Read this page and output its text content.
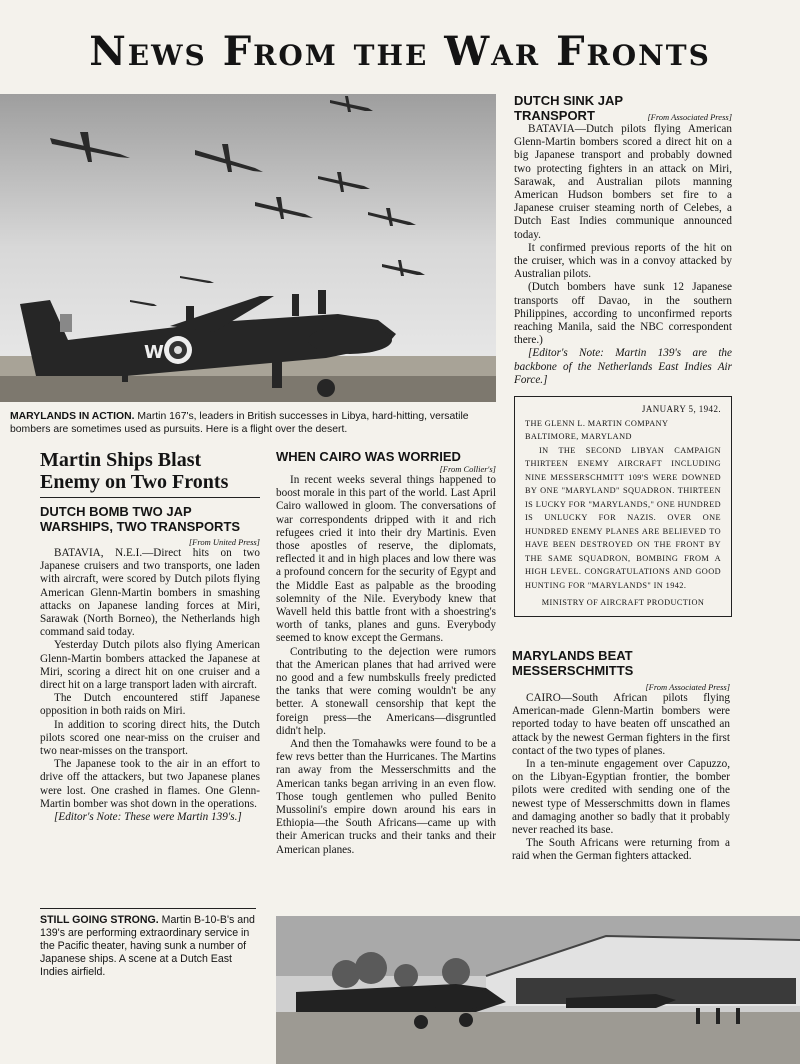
News From the War Fronts
W
MARYLANDS IN ACTION. Martin 167's, leaders in British successes in Libya, hard-hitting, versatile bombers are sometimes used as pursuits. Here is a flight over the desert.
DUTCH SINK JAP
TRANSPORT	[From Associated Press]

BATAVIA—Dutch pilots flying American Glenn-Martin bombers scored a direct hit on a big Japanese transport and probably downed two protecting fighters in an attack on Miri, Sarawak, and Australian pilots manning American Hudson bombers set fire to a Japanese cruiser steaming north of Celebes, a Dutch East Indies communique announced today.

It confirmed previous reports of the hit on the cruiser, which was in a convoy attacked by Australian pilots.

(Dutch bombers have sunk 12 Japanese transports off Davao, in the southern Philippines, according to unconfirmed reports reaching Manila, said the NBC correspondent there.)

[Editor's Note: Martin 139's are the backbone of the Netherlands East Indies Air Force.]

Martin Ships Blast Enemy on Two Fronts
DUTCH BOMB TWO JAP WARSHIPS, TWO TRANSPORTS
[From United Press]

BATAVIA, N.E.I.—Direct hits on two Japanese cruisers and two transports, one laden with aircraft, were scored by Dutch pilots flying American Glenn-Martin bombers in smashing attacks on Japanese landing forces at Miri, Sarawak (North Borneo), the Netherlands high command said today.

Yesterday Dutch pilots also flying American Glenn-Martin bombers attacked the Japanese at Miri, scoring a direct hit on one cruiser and a direct hit on a large transport laden with aircraft.

The Dutch encountered stiff Japanese opposition in both raids on Miri.

In addition to scoring direct hits, the Dutch pilots scored one near-miss on the cruiser and two near-misses on the transport.

The Japanese took to the air in an effort to drive off the attackers, but two Japanese planes were lost. One crashed in flames. One Glenn-Martin bomber was shot down in the operations.

[Editor's Note: These were Martin 139's.]

WHEN CAIRO WAS WORRIED
[From Collier's]

In recent weeks several things happened to boost morale in this part of the world. Last April Cairo wallowed in gloom. The conversations of war correspondents dripped with it and rich refugees cried it into their dry Martinis. Even those apostles of reserve, the diplomats, reflected it and in high places and low there was a profound concern for the security of Egypt and the Middle East as palpable as the brooding solemnity of the Nile. Everybody knew that Wavell held this battle front with a shoestring's worth of tanks, planes and guns. Everybody seemed to know except the Germans.

Contributing to the dejection were rumors that the American planes that had arrived were no good and a few numbskulls freely predicted the tanks that were coming wouldn't be any better. A stonewall censorship that kept the foreign press—the Americans—disgruntled didn't help.

And then the Tomahawks were found to be a few revs better than the Hurricanes. The Martins ran away from the Messerschmitts and the American tanks began arriving in an even flow. Those tough gentlemen who pulled Benito Mussolini's empire down around his ears in Ethiopia—the South Africans—came up with their American trucks and their tanks and their American planes.

JANUARY 5, 1942.
THE GLENN L. MARTIN COMPANY
BALTIMORE, MARYLAND
IN THE SECOND LIBYAN CAMPAIGN THIRTEEN ENEMY AIRCRAFT INCLUDING NINE MESSERSCHMITT 109'S WERE DOWNED BY ONE "MARYLAND" SQUADRON. THIRTEEN IS LUCKY FOR "MARYLANDS," ONE HUNDRED IS UNLUCKY FOR NAZIS. OVER ONE HUNDRED ENEMY PLANES ARE BELIEVED TO HAVE BEEN DESTROYED ON THE FRONT BY THE SAME SQUADRON, BOMBING FROM A HIGH LEVEL. CONGRATULATIONS AND GOOD HUNTING FOR "MARYLANDS" IN 1942.
MINISTRY OF AIRCRAFT PRODUCTION
MARYLANDS BEAT
MESSERSCHMITTS
[From Associated Press]

CAIRO—South African pilots flying American-made Glenn-Martin bombers were reported today to have beaten off unscathed an attack by the newest German fighters in the first contact of the two types of planes.

In a ten-minute engagement over Capuzzo, on the Libyan-Egyptian frontier, the bomber pilots were credited with sending one of the newest type of Messerschmitts down in flames and damaging another so badly that it probably never reached its base.

The South Africans were returning from a raid when the German fighters attacked.

STILL GOING STRONG. Martin B-10-B's and 139's are performing extraordinary service in the Pacific theater, having sunk a number of Japanese ships. A scene at a Dutch East Indies airfield.
